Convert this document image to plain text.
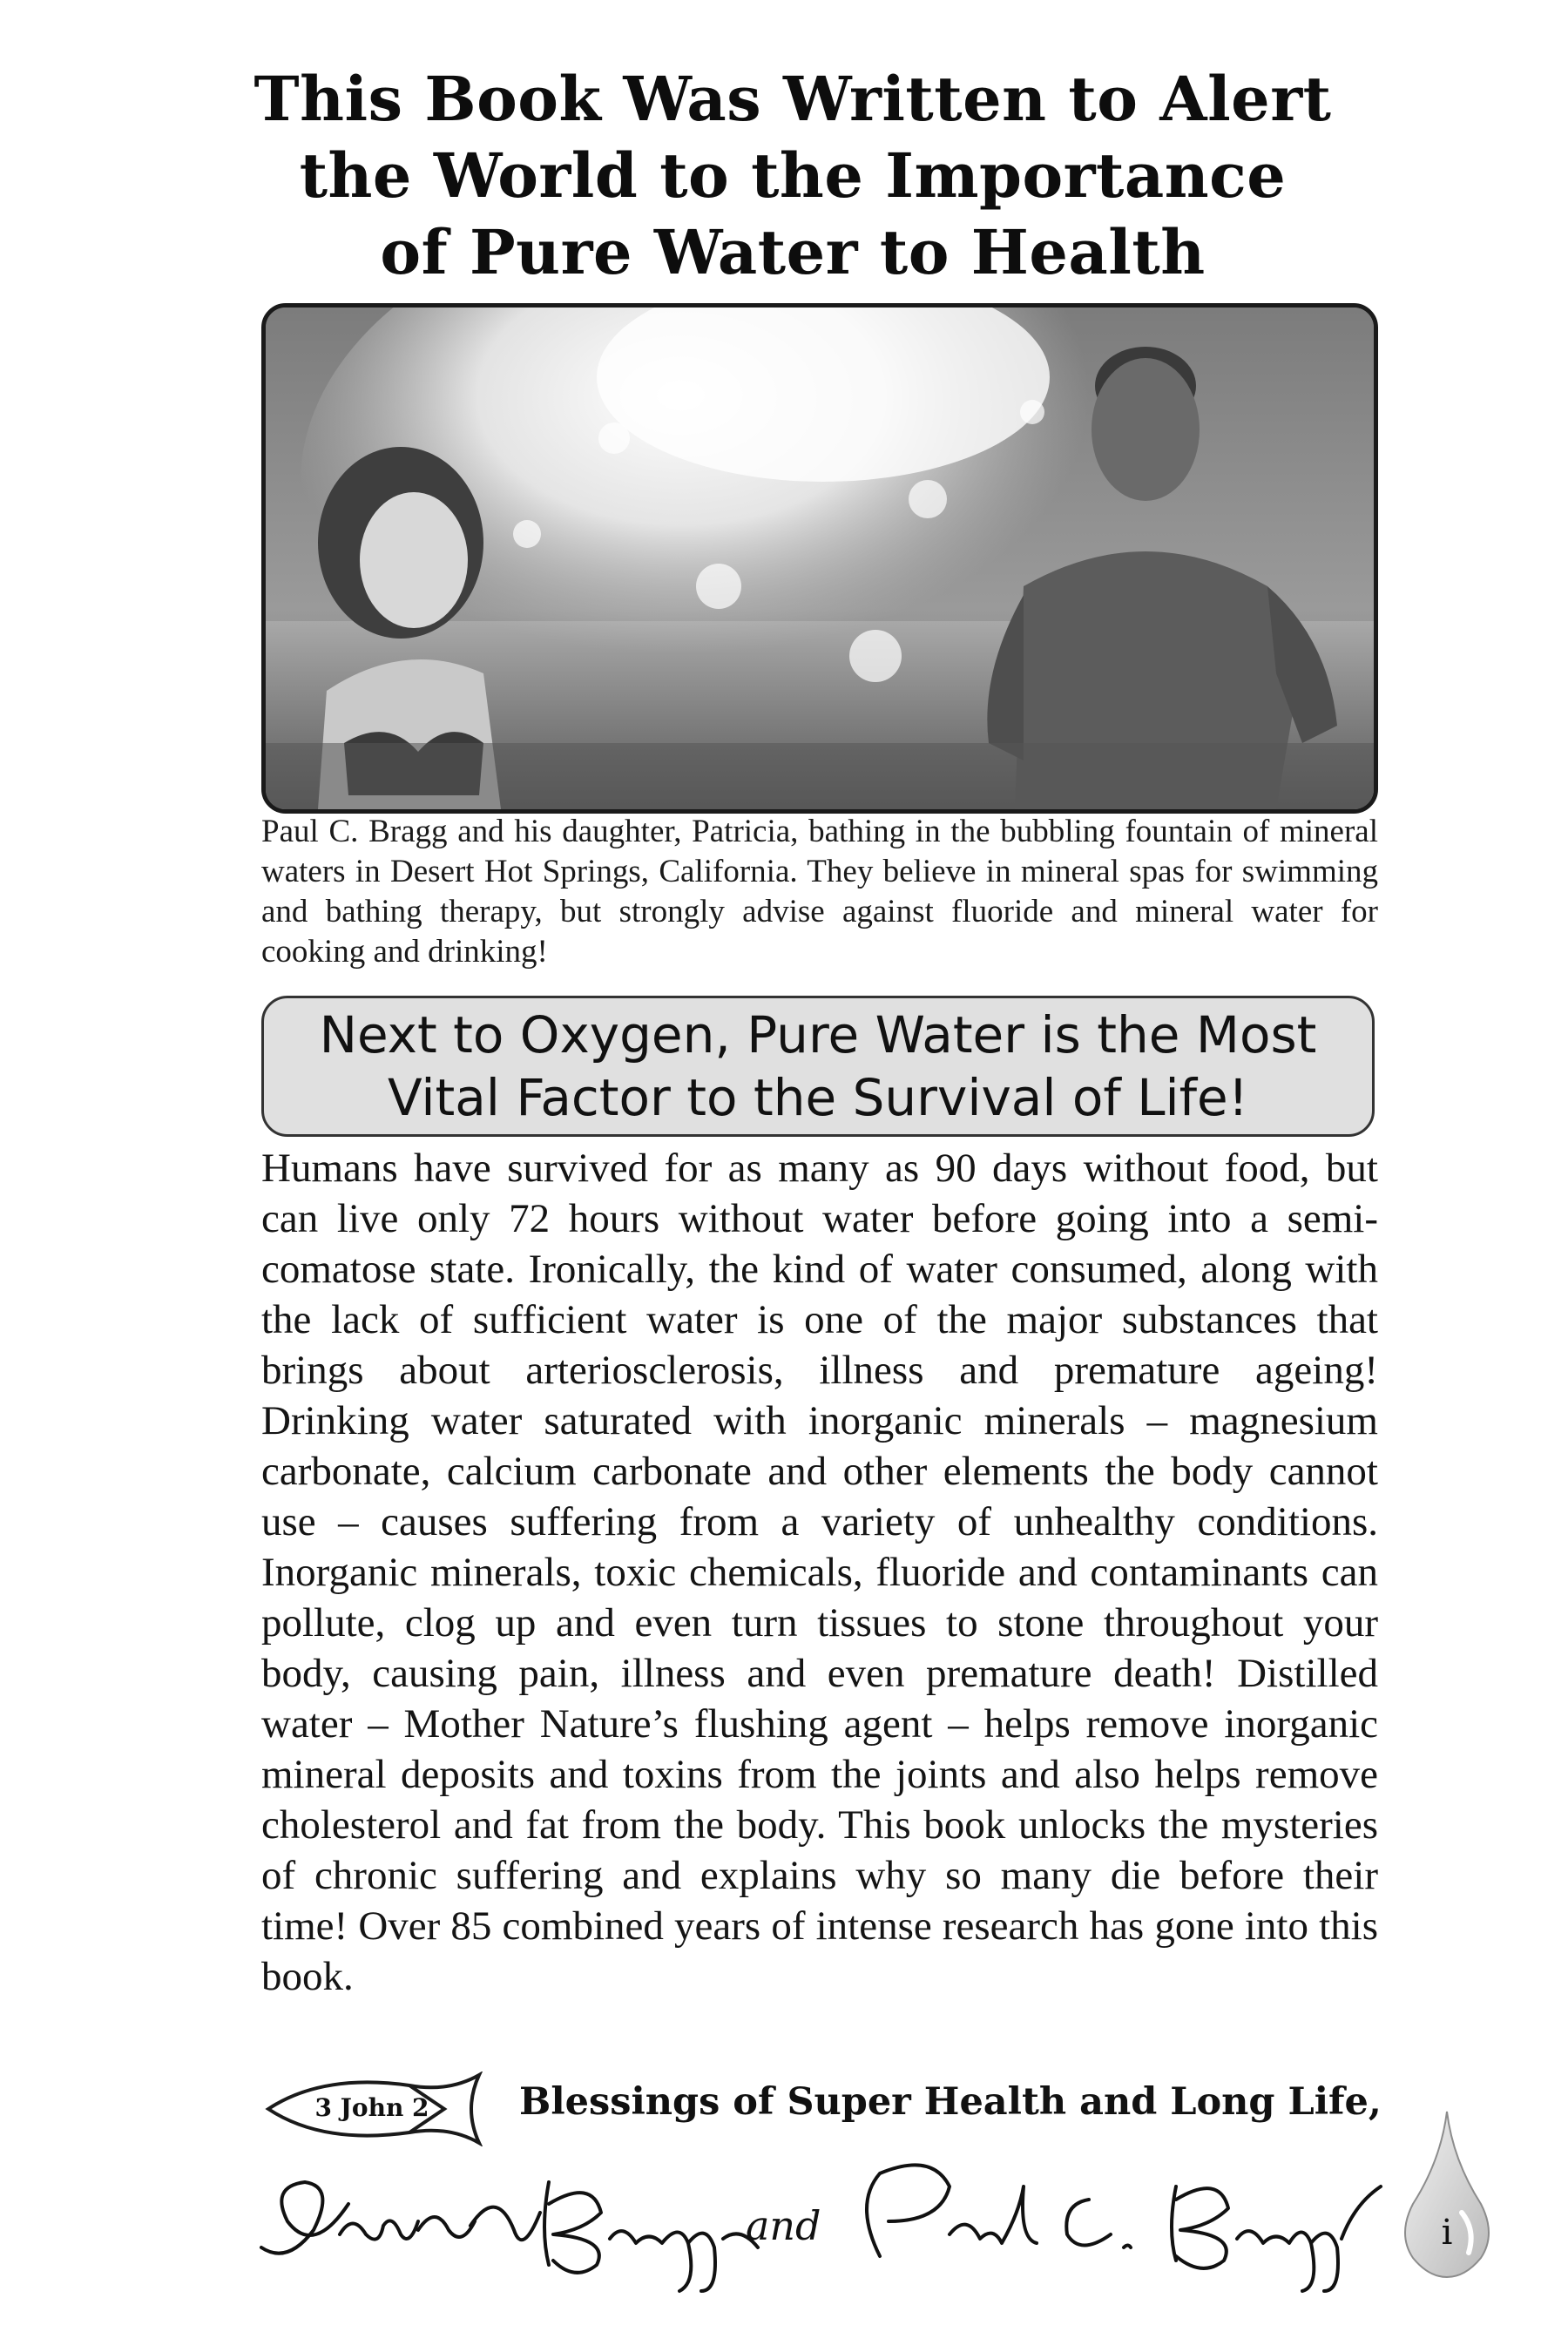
This Book Was Written to Alert
the World to the Importance
of Pure Water to Health

Paul C. Bragg and his daughter, Patricia, bathing in the bubbling fountain of mineral waters in Desert Hot Springs, California. They believe in mineral spas for swimming and bathing therapy, but strongly advise against fluoride and mineral water for cooking and drinking!

Next to Oxygen, Pure Water is the Most
Vital Factor to the Survival of Life!

Humans have survived for as many as 90 days without food, but can live only 72 hours without water before going into a semi-comatose state. Ironically, the kind of water consumed, along with the lack of sufficient water is one of the major substances that brings about arteriosclerosis, illness and premature ageing! Drinking water saturated with inorganic minerals – magnesium carbonate, calcium carbonate and other elements the body cannot use – causes suffering from a variety of unhealthy conditions. Inorganic minerals, toxic chemicals, fluoride and contaminants can pollute, clog up and even turn tissues to stone throughout your body, causing pain, illness and even premature death! Distilled water – Mother Nature’s flushing agent – helps remove inorganic mineral deposits and toxins from the joints and also helps remove cholesterol and fat from the body. This book unlocks the mysteries of chronic suffering and explains why so many die before their time! Over 85 combined years of intense research has gone into this book.

3 John 2 Blessings of Super Health and Long Life,

and	i
